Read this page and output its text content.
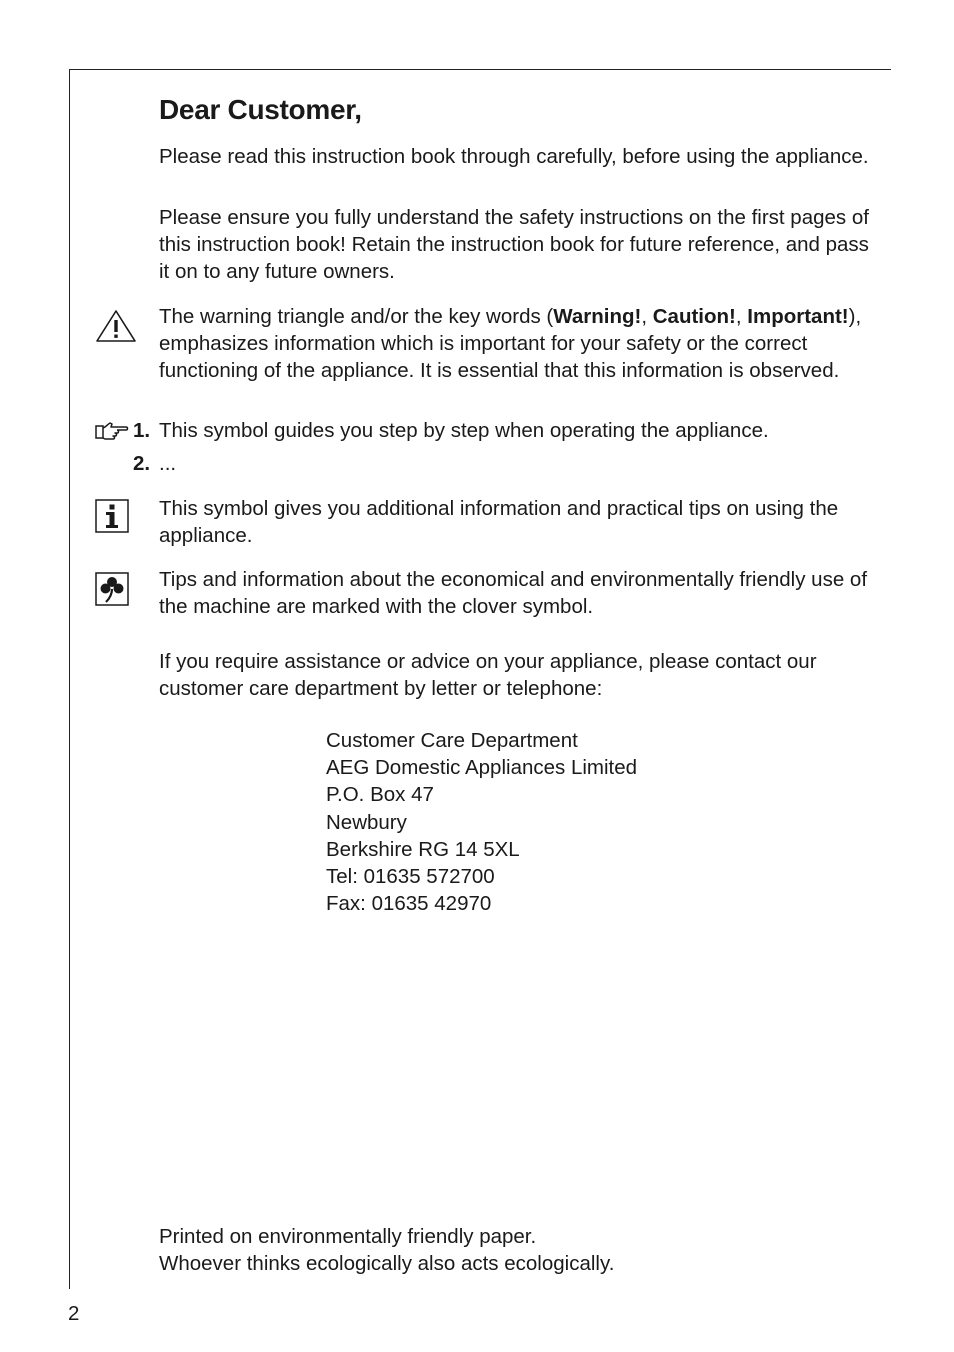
Dear Customer,

Please read this instruction book through carefully, before using the appliance.

Please ensure you fully understand the safety instructions on the first pages of this instruction book! Retain the instruction book for future reference, and pass it on to any future owners.

The warning triangle and/or the key words (Warning!, Caution!, Important!), emphasizes information which is important for your safety or the correct functioning of the appliance. It is essential that this information is observed.

1. This symbol guides you step by step when operating the appliance.
2. ...

This symbol gives you additional information and practical tips on using the appliance.

Tips and information about the economical and environmentally friendly use of the machine are marked with the clover symbol.

If you require assistance or advice on your appliance, please contact our customer care department by letter or telephone:

Customer Care Department
AEG Domestic Appliances Limited
P.O. Box 47
Newbury
Berkshire RG 14 5XL
Tel: 01635 572700
Fax: 01635 42970
Printed on environmentally friendly paper.
Whoever thinks ecologically also acts ecologically.
2
